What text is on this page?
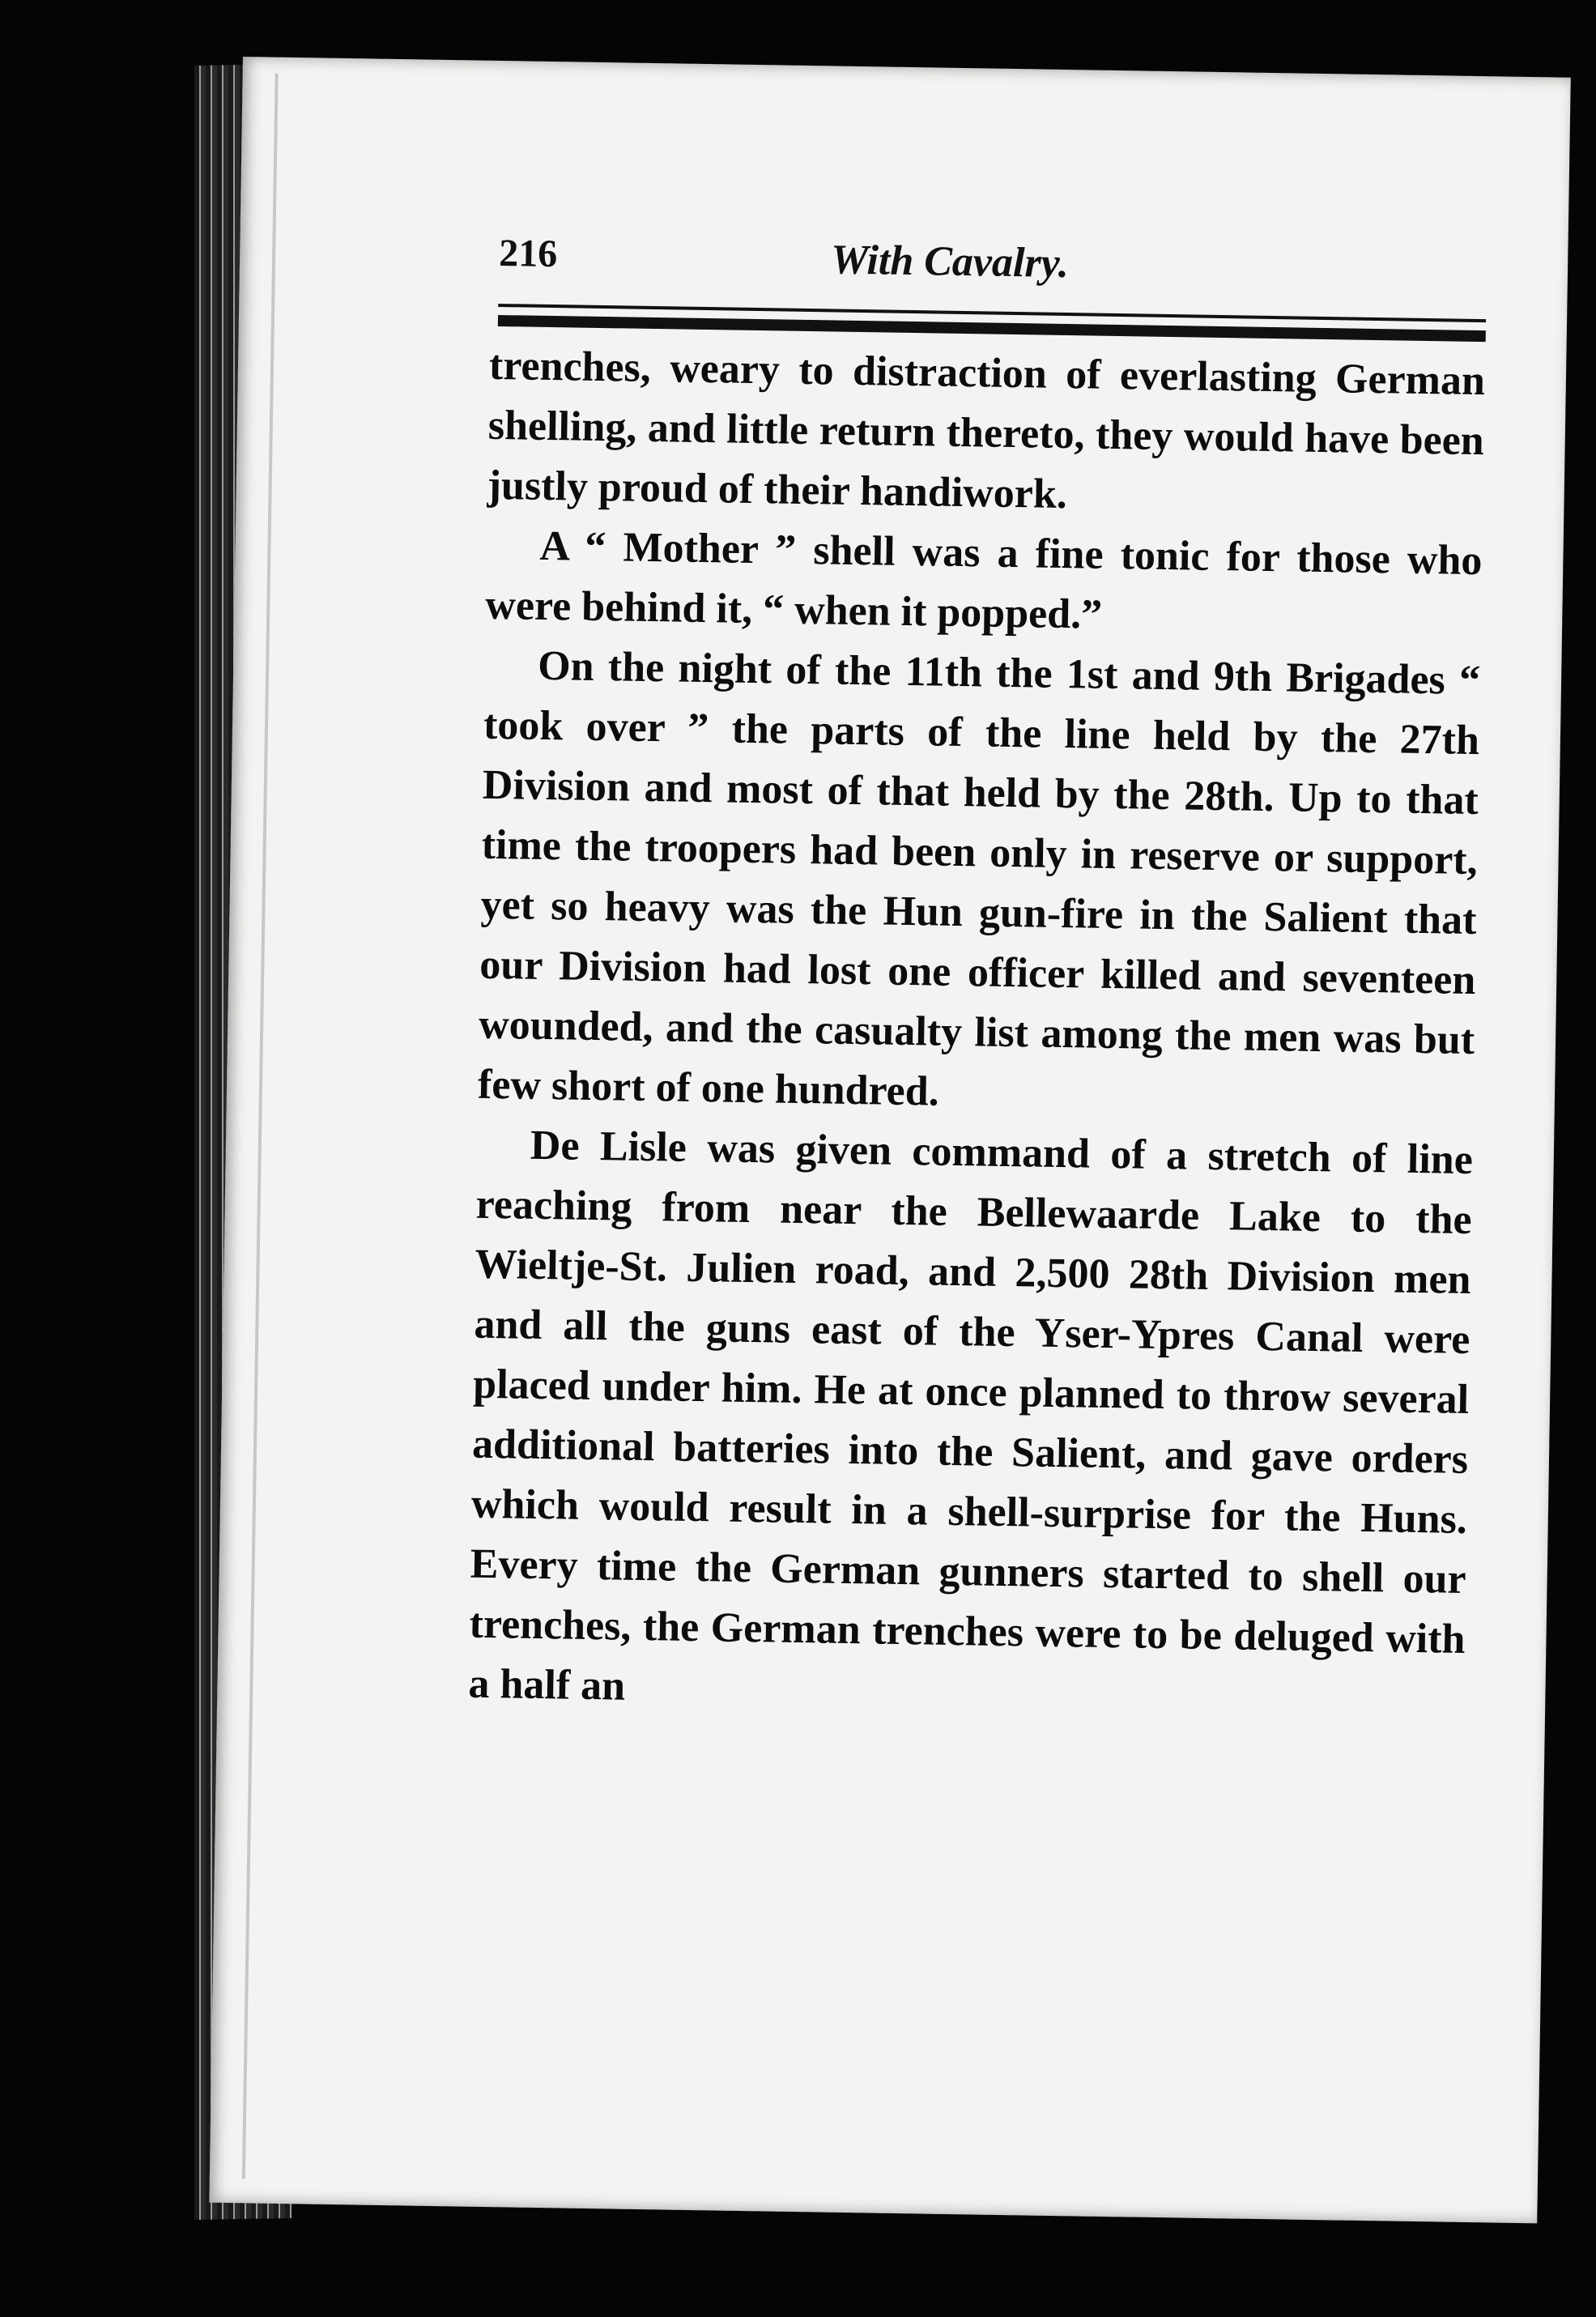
216	With Cavalry.

trenches, weary to distraction of everlasting German shelling, and little return thereto, they would have been justly proud of their handiwork.

A “ Mother ” shell was a fine tonic for those who were behind it, “ when it popped.”

On the night of the 11th the 1st and 9th Brigades “ took over ” the parts of the line held by the 27th Division and most of that held by the 28th. Up to that time the troopers had been only in reserve or support, yet so heavy was the Hun gun-fire in the Salient that our Division had lost one officer killed and seventeen wounded, and the casualty list among the men was but few short of one hundred.

De Lisle was given command of a stretch of line reaching from near the Bellewaarde Lake to the Wieltje-St. Julien road, and 2,500 28th Division men and all the guns east of the Yser-Ypres Canal were placed under him. He at once planned to throw several additional batteries into the Salient, and gave orders which would result in a shell-surprise for the Huns. Every time the German gunners started to shell our trenches, the German trenches were to be deluged with a half an
